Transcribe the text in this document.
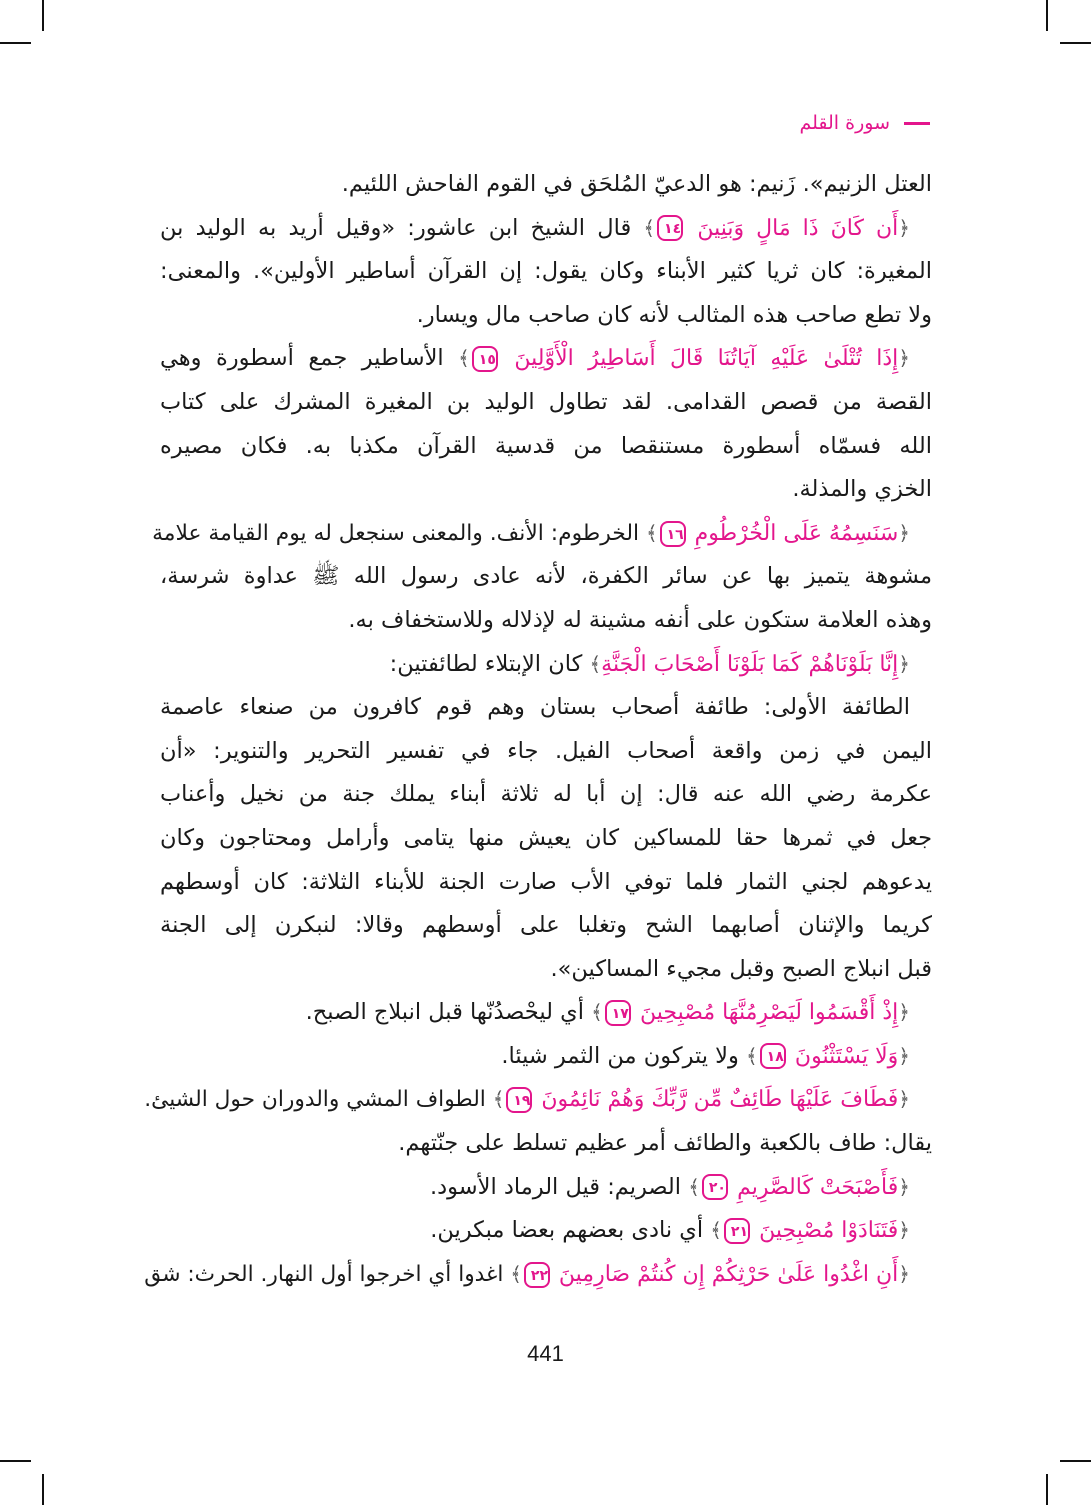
سورة القلم
العتل الزنيم». زَنيم: هو الدعيّ المُلحَق في القوم الفاحش اللئيم.
﴿أَن كَانَ ذَا مَالٍ وَبَنِينَ ١٤﴾ قال الشيخ ابن عاشور: «وقيل أريد به الوليد بن
المغيرة: كان ثريا كثير الأبناء وكان يقول: إن القرآن أساطير الأولين». والمعنى:
ولا تطع صاحب هذه المثالب لأنه كان صاحب مال ويسار.
﴿إِذَا تُتْلَىٰ عَلَيْهِ آيَاتُنَا قَالَ أَسَاطِيرُ الْأَوَّلِينَ ١٥﴾ الأساطير جمع أسطورة وهي
القصة من قصص القدامى. لقد تطاول الوليد بن المغيرة المشرك على كتاب
الله فسمّاه أسطورة مستنقصا من قدسية القرآن مكذبا به. فكان مصيره
الخزي والمذلة.
﴿سَنَسِمُهُ عَلَى الْخُرْطُومِ ١٦﴾ الخرطوم: الأنف. والمعنى سنجعل له يوم القيامة علامة
مشوهة يتميز بها عن سائر الكفرة، لأنه عادى رسول الله ﷺ عداوة شرسة،
وهذه العلامة ستكون على أنفه مشينة له لإذلاله وللاستخفاف به.
﴿إِنَّا بَلَوْنَاهُمْ كَمَا بَلَوْنَا أَصْحَابَ الْجَنَّةِ﴾ كان الإبتلاء لطائفتين:
الطائفة الأولى: طائفة أصحاب بستان وهم قوم كافرون من صنعاء عاصمة
اليمن في زمن واقعة أصحاب الفيل. جاء في تفسير التحرير والتنوير: «أن
عكرمة رضي الله عنه قال: إن أبا له ثلاثة أبناء يملك جنة من نخيل وأعناب
جعل في ثمرها حقا للمساكين كان يعيش منها يتامى وأرامل ومحتاجون وكان
يدعوهم لجني الثمار فلما توفي الأب صارت الجنة للأبناء الثلاثة: كان أوسطهم
كريما والإثنان أصابهما الشح وتغلبا على أوسطهم وقالا: لنبكرن إلى الجنة
قبل انبلاج الصبح وقبل مجيء المساكين».
﴿إِذْ أَقْسَمُوا لَيَصْرِمُنَّهَا مُصْبِحِينَ ١٧﴾ أي ليحْصدُنّها قبل انبلاج الصبح.
﴿وَلَا يَسْتَثْنُونَ ١٨﴾ ولا يتركون من الثمر شيئا.
﴿فَطَافَ عَلَيْهَا طَائِفٌ مِّن رَّبِّكَ وَهُمْ نَائِمُونَ ١٩﴾ الطواف المشي والدوران حول الشيئ.
يقال: طاف بالكعبة والطائف أمر عظيم تسلط على جنّتهم.
﴿فَأَصْبَحَتْ كَالصَّرِيمِ ٢٠﴾ الصريم: قيل الرماد الأسود.
﴿فَتَنَادَوْا مُصْبِحِينَ ٢١﴾ أي نادى بعضهم بعضا مبكرين.
﴿أَنِ اغْدُوا عَلَىٰ حَرْثِكُمْ إِن كُنتُمْ صَارِمِينَ ٢٢﴾ اغدوا أي اخرجوا أول النهار. الحرث: شق
441
